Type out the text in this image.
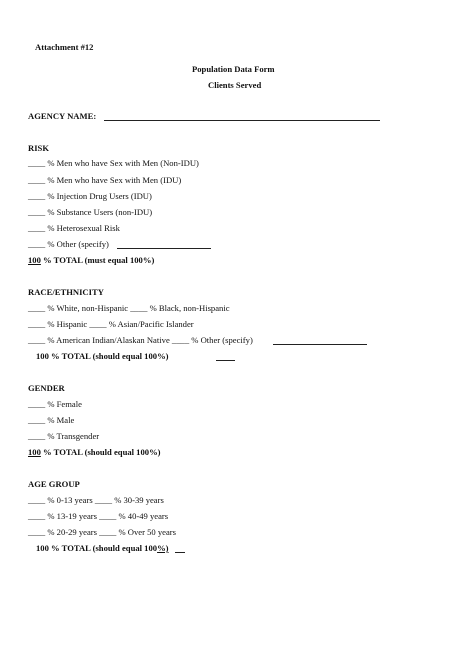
Attachment #12
Population Data Form
Clients Served
AGENCY NAME:
RISK
____ % Men who have Sex with Men (Non-IDU)
____ % Men who have Sex with Men (IDU)
____ % Injection Drug Users (IDU)
____ % Substance Users (non-IDU)
____ % Heterosexual Risk
____ % Other (specify)
100 % TOTAL (must equal 100%)
RACE/ETHNICITY
____ % White, non-Hispanic ____ % Black, non-Hispanic
____ % Hispanic ____ % Asian/Pacific Islander
____ % American Indian/Alaskan Native ____ % Other (specify)
100 % TOTAL (should equal 100%)
GENDER
____ % Female
____ % Male
____ % Transgender
100 % TOTAL (should equal 100%)
AGE GROUP
____ % 0-13 years ____ % 30-39 years
____ % 13-19 years ____ % 40-49 years
____ % 20-29 years ____ % Over 50 years
100 % TOTAL (should equal 100%)
